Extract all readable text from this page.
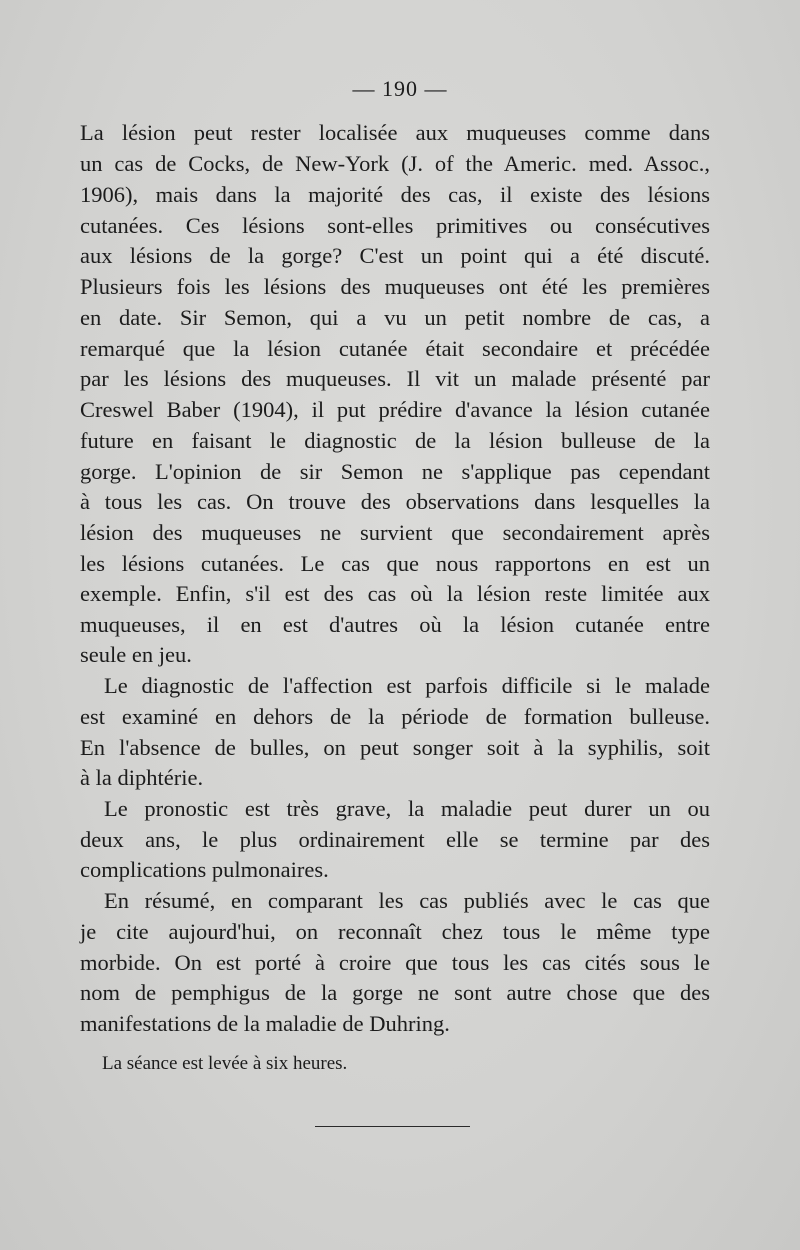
— 190 —
La lésion peut rester localisée aux muqueuses comme dans
un cas de Cocks, de New-York (J. of the Americ. med. Assoc.,
1906), mais dans la majorité des cas, il existe des lésions
cutanées. Ces lésions sont-elles primitives ou consécutives
aux lésions de la gorge? C'est un point qui a été discuté.
Plusieurs fois les lésions des muqueuses ont été les premières
en date. Sir Semon, qui a vu un petit nombre de cas, a
remarqué que la lésion cutanée était secondaire et précédée
par les lésions des muqueuses. Il vit un malade présenté par
Creswel Baber (1904), il put prédire d'avance la lésion cutanée
future en faisant le diagnostic de la lésion bulleuse de la
gorge. L'opinion de sir Semon ne s'applique pas cependant
à tous les cas. On trouve des observations dans lesquelles la
lésion des muqueuses ne survient que secondairement après
les lésions cutanées. Le cas que nous rapportons en est un
exemple. Enfin, s'il est des cas où la lésion reste limitée aux
muqueuses, il en est d'autres où la lésion cutanée entre
seule en jeu.
Le diagnostic de l'affection est parfois difficile si le malade
est examiné en dehors de la période de formation bulleuse.
En l'absence de bulles, on peut songer soit à la syphilis, soit
à la diphtérie.
Le pronostic est très grave, la maladie peut durer un ou
deux ans, le plus ordinairement elle se termine par des
complications pulmonaires.
En résumé, en comparant les cas publiés avec le cas que
je cite aujourd'hui, on reconnaît chez tous le même type
morbide. On est porté à croire que tous les cas cités sous le
nom de pemphigus de la gorge ne sont autre chose que des
manifestations de la maladie de Duhring.
La séance est levée à six heures.
